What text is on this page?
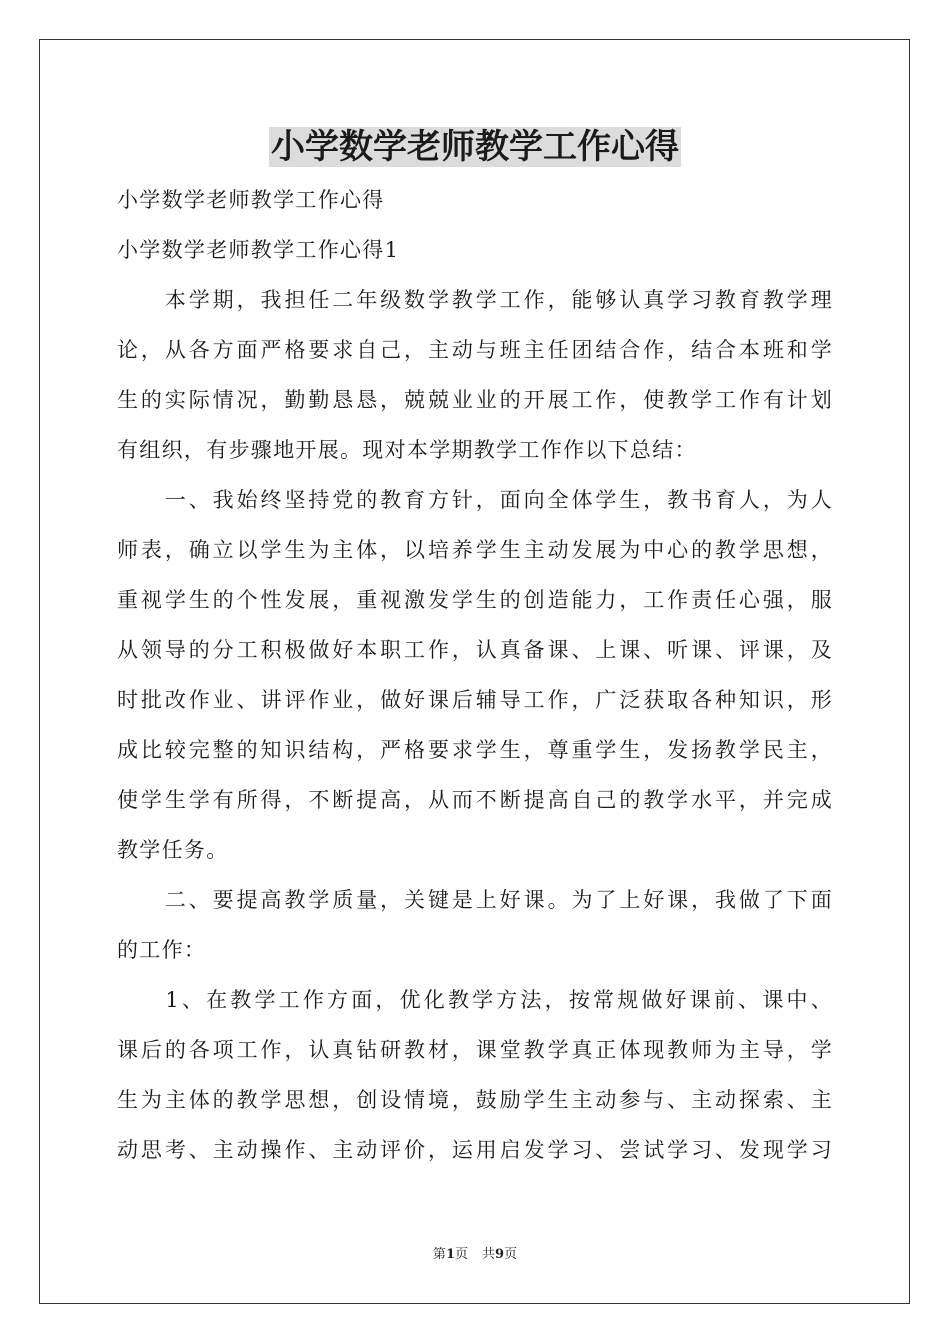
小学数学老师教学工作心得

小学数学老师教学工作心得

小学数学老师教学工作心得1

　　本学期，我担任二年级数学教学工作，能够认真学习教育教学理

论，从各方面严格要求自己，主动与班主任团结合作，结合本班和学

生的实际情况，勤勤恳恳，兢兢业业的开展工作，使教学工作有计划

有组织，有步骤地开展。现对本学期教学工作作以下总结：

　　一、我始终坚持党的教育方针，面向全体学生，教书育人，为人

师表，确立以学生为主体，以培养学生主动发展为中心的教学思想，

重视学生的个性发展，重视激发学生的创造能力，工作责任心强，服

从领导的分工积极做好本职工作，认真备课、上课、听课、评课，及

时批改作业、讲评作业，做好课后辅导工作，广泛获取各种知识，形

成比较完整的知识结构，严格要求学生，尊重学生，发扬教学民主，

使学生学有所得，不断提高，从而不断提高自己的教学水平，并完成

教学任务。

　　二、要提高教学质量，关键是上好课。为了上好课，我做了下面

的工作：

　　1、在教学工作方面，优化教学方法，按常规做好课前、课中、

课后的各项工作，认真钻研教材，课堂教学真正体现教师为主导，学

生为主体的教学思想，创设情境，鼓励学生主动参与、主动探索、主

动思考、主动操作、主动评价，运用启发学习、尝试学习、发现学习

第1页 共9页
